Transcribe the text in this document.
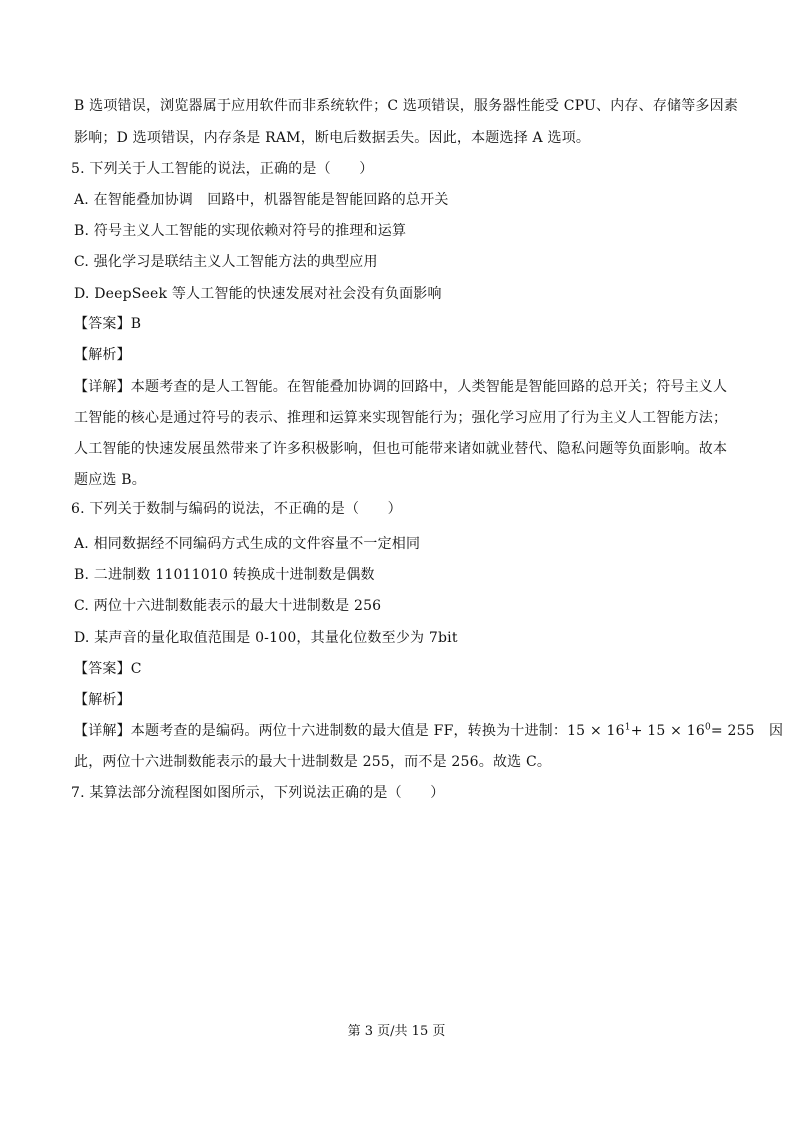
B 选项错误，浏览器属于应用软件而非系统软件；C 选项错误，服务器性能受 CPU、内存、存储等多因素
影响；D 选项错误，内存条是 RAM，断电后数据丢失。因此，本题选择 A 选项。
5. 下列关于人工智能的说法，正确的是（　　）
A. 在智能叠加协调　回路中，机器智能是智能回路的总开关
B. 符号主义人工智能的实现依赖对符号的推理和运算
C. 强化学习是联结主义人工智能方法的典型应用
D. DeepSeek 等人工智能的快速发展对社会没有负面影响
【答案】B
【解析】
【详解】本题考查的是人工智能。在智能叠加协调的回路中，人类智能是智能回路的总开关；符号主义人
工智能的核心是通过符号的表示、推理和运算来实现智能行为；强化学习应用了行为主义人工智能方法；
人工智能的快速发展虽然带来了许多积极影响，但也可能带来诸如就业替代、隐私问题等负面影响。故本
题应选 B。
6. 下列关于数制与编码的说法，不正确的是（　　）
A. 相同数据经不同编码方式生成的文件容量不一定相同
B. 二进制数 11011010 转换成十进制数是偶数
C. 两位十六进制数能表示的最大十进制数是 256
D. 某声音的量化取值范围是 0-100，其量化位数至少为 7bit
【答案】C
【解析】
【详解】本题考查的是编码。两位十六进制数的最大值是 FF，转换为十进制：$15 \times 16^1+ 15 \times 16^0= 255$　因
此，两位十六进制数能表示的最大十进制数是 255，而不是 256。故选 C。
7. 某算法部分流程图如图所示，下列说法正确的是（　　）
第 3 页/共 15 页
